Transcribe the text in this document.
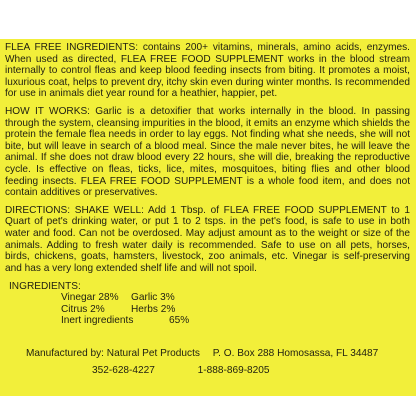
FLEA FREE INGREDIENTS: contains 200+ vitamins, minerals, amino acids, enzymes. When used as directed, FLEA FREE FOOD SUPPLEMENT works in the blood stream internally to control fleas and keep blood feeding insects from biting. It promotes a moist, luxurious coat, helps to prevent dry, itchy skin even during winter months. Is recommended for use in animals diet year round for a heathier, happier, pet.

HOW IT WORKS: Garlic is a detoxifier that works internally in the blood. In passing through the system, cleansing impurities in the blood, it emits an enzyme which shields the protein the female flea needs in order to lay eggs. Not finding what she needs, she will not bite, but will leave in search of a blood meal. Since the male never bites, he will leave the animal. If she does not draw blood every 22 hours, she will die, breaking the reproductive cycle. Is effective on fleas, ticks, lice, mites, mosquitoes, biting flies and other blood feeding insects. FLEA FREE FOOD SUPPLEMENT is a whole food item, and does not contain additives or preservatives.

DIRECTIONS: SHAKE WELL: Add 1 Tbsp. of FLEA FREE FOOD SUPPLEMENT to 1 Quart of pet's drinking water, or put 1 to 2 tsps. in the pet's food, is safe to use in both water and food. Can not be overdosed. May adjust amount as to the weight or size of the animals. Adding to fresh water daily is recommended. Safe to use on all pets, horses, birds, chickens, goats, hamsters, livestock, zoo animals, etc. Vinegar is self-preserving and has a very long extended shelf life and will not spoil.

INGREDIENTS:
Vinegar 28% Garlic 3%
Citrus 2%	Herbs 2%
Inert ingredients	65%
Manufactured by: Natural Pet Products P. O. Box 288 Homosassa, FL 34487
352-628-4227	1-888-869-8205
